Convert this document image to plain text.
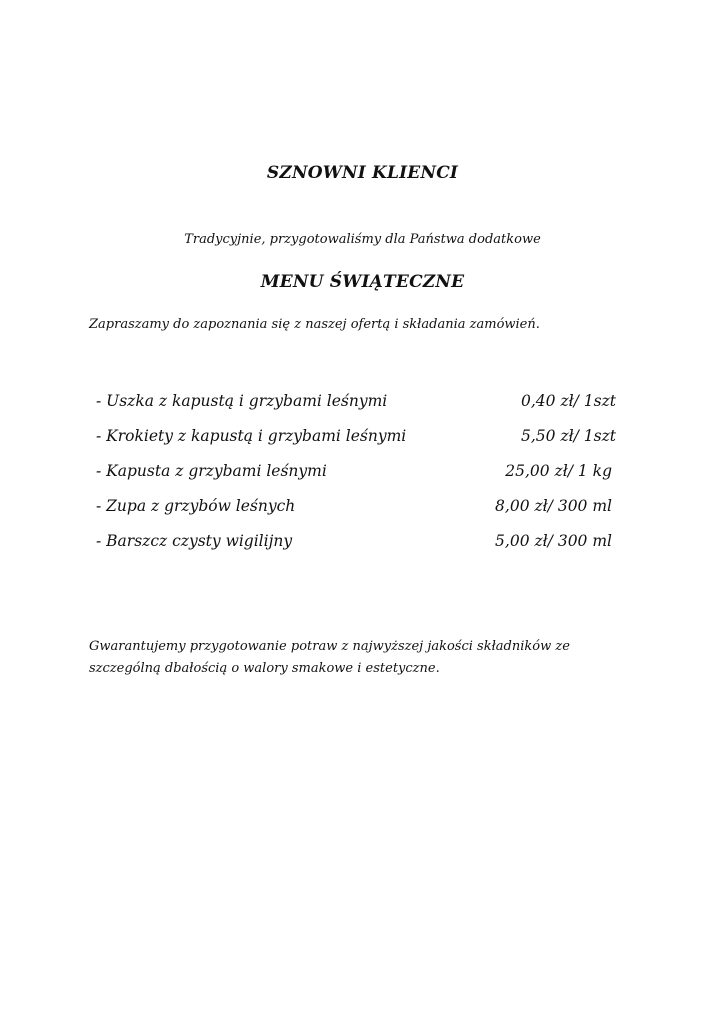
SZNOWNI KLIENCI
Tradycyjnie, przygotowaliśmy dla Państwa dodatkowe
MENU ŚWIĄTECZNE
Zapraszamy do zapoznania się z naszej ofertą i składania zamówień.
- Uszka z kapustą i grzybami leśnymi	0,40 zł/ 1szt
- Krokiety z kapustą i grzybami leśnymi	5,50 zł/ 1szt
- Kapusta z grzybami leśnymi	25,00 zł/ 1 kg
- Zupa z grzybów leśnych	8,00 zł/ 300 ml
- Barszcz czysty wigilijny	5,00 zł/ 300 ml
Gwarantujemy przygotowanie potraw z najwyższej jakości składników ze
szczególną dbałością o walory smakowe i estetyczne.
